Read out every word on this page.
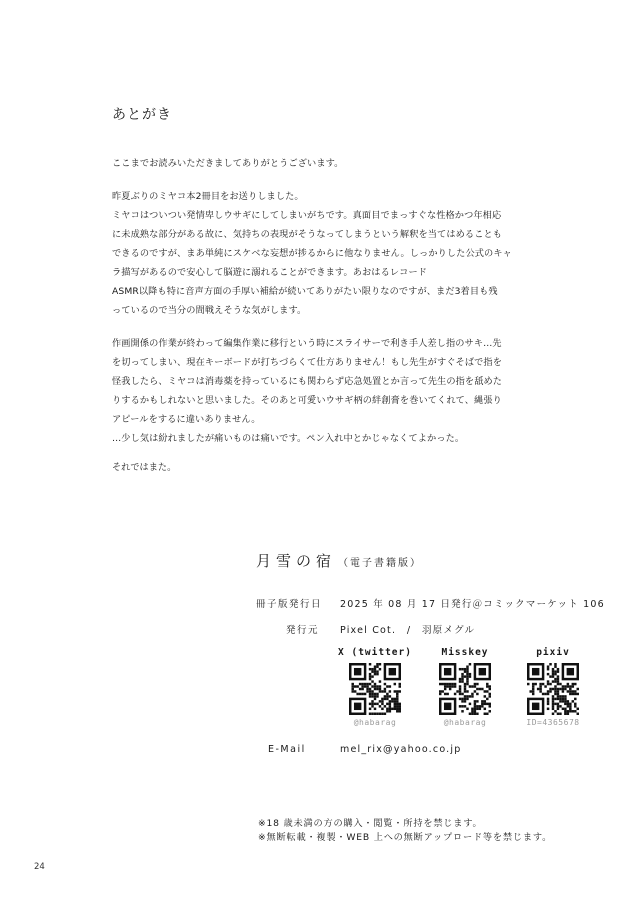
あとがき
ここまでお読みいただきましてありがとうございます。
昨夏ぶりのミヤコ本2冊目をお送りしました。
ミヤコはついつい発情卑しウサギにしてしまいがちです。真面目でまっすぐな性格かつ年相応
に未成熟な部分がある故に、気持ちの表現がそうなってしまうという解釈を当てはめることも
できるのですが、まあ単純にスケベな妄想が捗るからに他なりません。しっかりした公式のキャ
ラ描写があるので安心して脳遊に溺れることができます。あおはるレコード
ASMR以降も特に音声方面の手厚い補給が続いてありがたい限りなのですが、まだ3着目も残
っているので当分の間戦えそうな気がします。
作画開係の作業が終わって編集作業に移行という時にスライサーで利き手人差し指のサキ…先
を切ってしまい、現在キーボードが打ちづらくて仕方ありません！もし先生がすぐそばで指を
怪我したら、ミヤコは消毒薬を持っているにも関わらず応急処置とか言って先生の指を舐めた
りするかもしれないと思いました。そのあと可愛いウサギ柄の絆創膏を巻いてくれて、縄張り
アピールをするに違いありません。
…少し気は紛れましたが痛いものは痛いです。ペン入れ中とかじゃなくてよかった。
それではまた。
月雪の宿 （電子書籍版）
冊子版発行日 2025 年 08 月 17 日発行＠コミックマーケット 106
発行元 Pixel Cot.　/　羽原メグル
X (twitter)
@habarag
Misskey
@habarag
pixiv
ID=4365678
E-Mail	mel_rix@yahoo.co.jp
※18 歳未満の方の購入・閲覧・所持を禁じます。
※無断転載・複製・WEB 上への無断アップロード等を禁じます。
24
